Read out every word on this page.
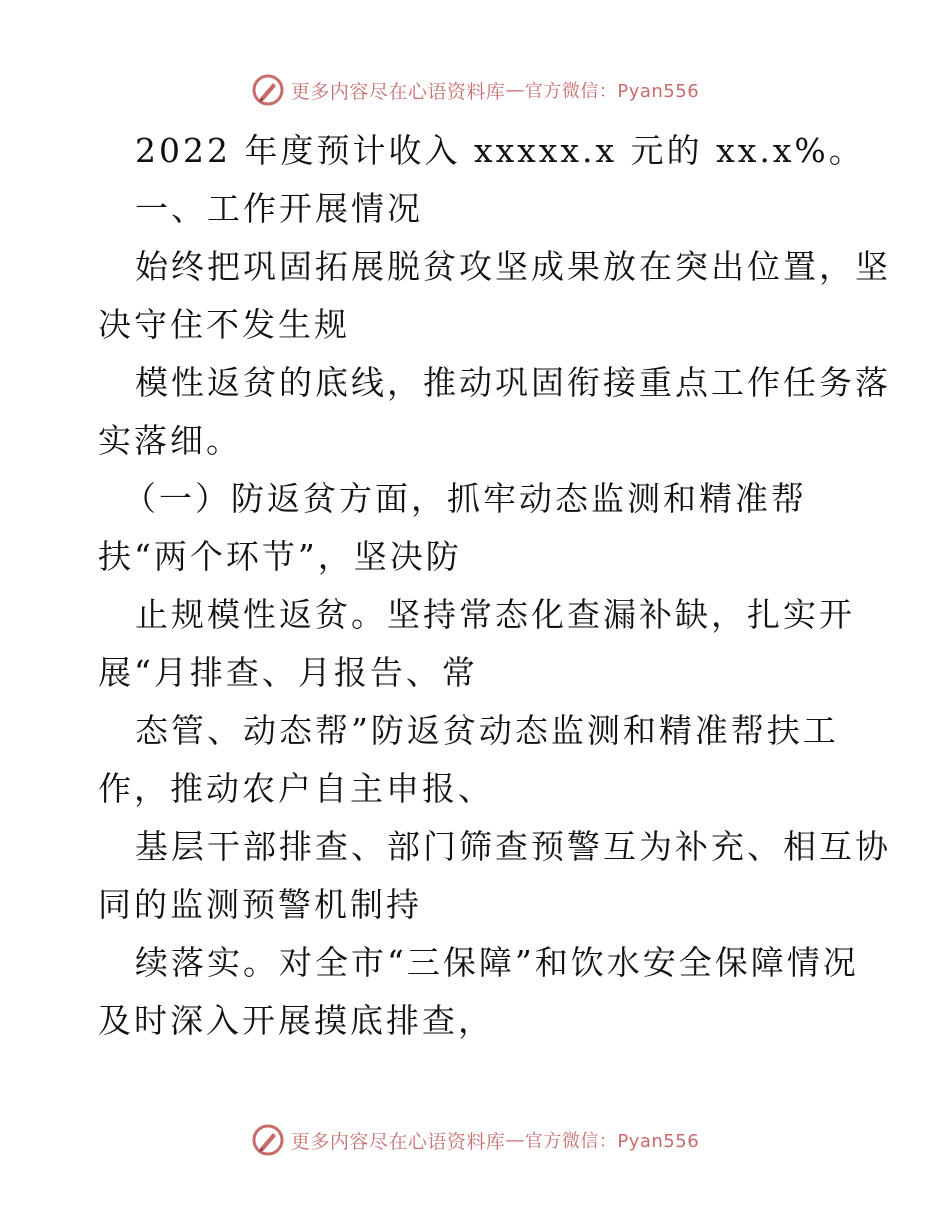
更多内容尽在心语资料库 — 官方微信：Pyan556
2022 年度预计收入 xxxxx.x 元的 xx.x%。
一、工作开展情况
始终把巩固拓展脱贫攻坚成果放在突出位置，坚
决守住不发生规
模性返贫的底线，推动巩固衔接重点工作任务落
实落细。
（一）防返贫方面，抓牢动态监测和精准帮
扶“两个环节”，坚决防
止规模性返贫。坚持常态化查漏补缺，扎实开
展“月排查、月报告、常
态管、动态帮”防返贫动态监测和精准帮扶工
作，推动农户自主申报、
基层干部排查、部门筛查预警互为补充、相互协
同的监测预警机制持
续落实。对全市“三保障”和饮水安全保障情况
及时深入开展摸底排查，
更多内容尽在心语资料库 — 官方微信：Pyan556
